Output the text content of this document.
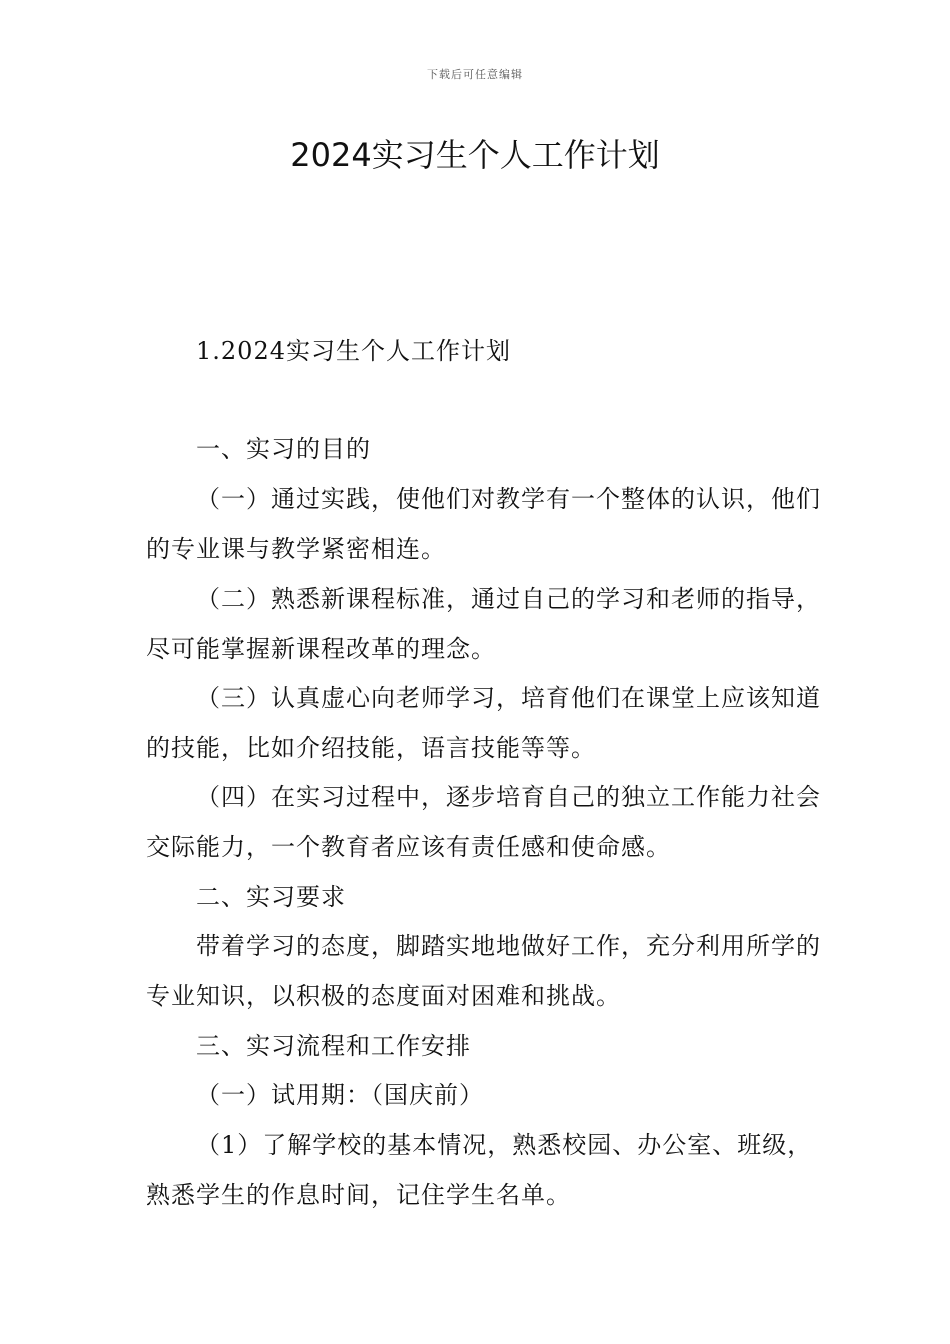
下载后可任意编辑
2024实习生个人工作计划

1.2024实习生个人工作计划

一、实习的目的

（一）通过实践，使他们对教学有一个整体的认识，他们的专业课与教学紧密相连。

（二）熟悉新课程标准，通过自己的学习和老师的指导，尽可能掌握新课程改革的理念。

（三）认真虚心向老师学习，培育他们在课堂上应该知道的技能，比如介绍技能，语言技能等等。

（四）在实习过程中，逐步培育自己的独立工作能力社会交际能力，一个教育者应该有责任感和使命感。

二、实习要求

带着学习的态度，脚踏实地地做好工作，充分利用所学的专业知识，以积极的态度面对困难和挑战。

三、实习流程和工作安排

（一）试用期：（国庆前）

（1）了解学校的基本情况，熟悉校园、办公室、班级，熟悉学生的作息时间，记住学生名单。
